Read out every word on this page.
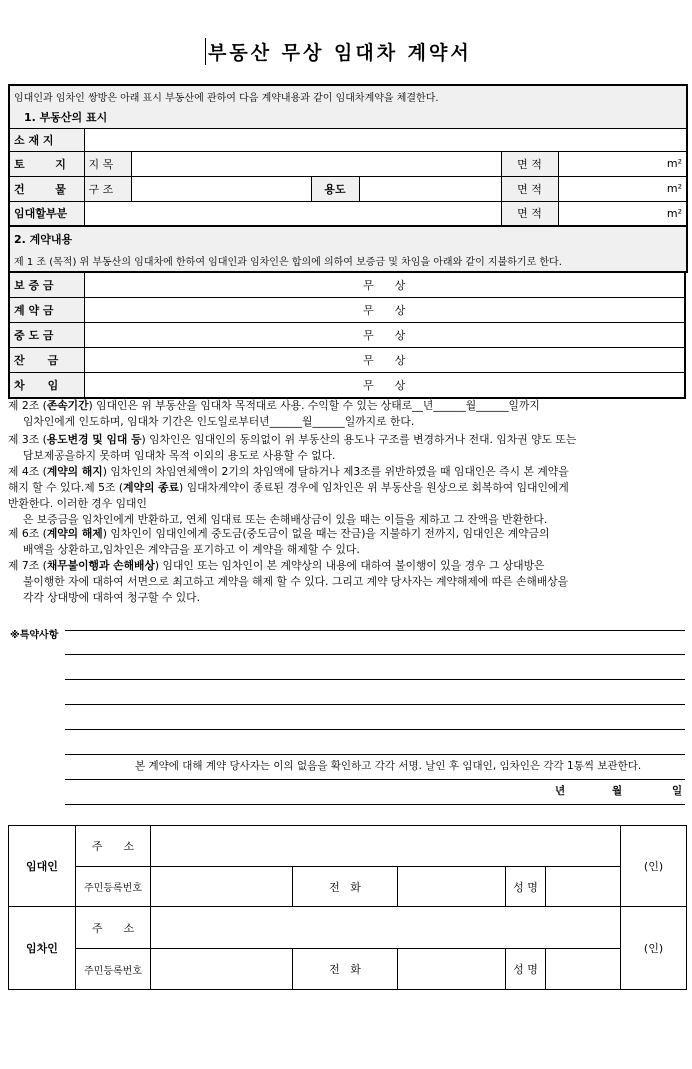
부동산 무상 임대차 계약서
임대인과 임차인 쌍방은 아래 표시 부동산에 관하여 다음 계약내용과 같이 임대차계약을 체결한다.						
1. 부동산의 표시						
소 재 지						
토        지	지 목				면 적	m²
건        물	구 조		용도		면 적	m²
임대할부분					면 적	m²
2. 계약내용						
제 1 조 (목적) 위 부동산의 임대차에 한하여 임대인과 임차인은 합의에 의하여 보증금 및 차임을 아래와 같이 지불하기로 한다.						
보 증 금	무      상
계 약 금	무      상
중 도 금	무      상
잔      금	무      상
차      임	무      상
제 2조 (존속기간) 임대인은 위 부동산을 임대차 목적대로 사용. 수익할 수 있는 상태로__년______월______일까지
임차인에게 인도하며, 임대차 기간은 인도일로부터년______월______일까지로 한다.
제 3조 (용도변경 및 임대 등) 임차인은 임대인의 동의없이 위 부동산의 용도나 구조를 변경하거나 전대. 임차권 양도 또는
담보제공을하지 못하며 임대차 목적 이외의 용도로 사용할 수 없다.
제 4조 (계약의 해지) 임차인의 차임연체액이 2기의 차임액에 달하거나 제3조를 위반하였을 때 임대인은 즉시 본 계약을
해지 할 수 있다.제 5조 (계약의 종료) 임대차계약이 종료된 경우에 임차인은 위 부동산을 원상으로 회복하여 임대인에게
반환한다. 이러한 경우 임대인
은 보증금을 임차인에게 반환하고, 연체 임대료 또는 손해배상금이 있을 때는 이들을 제하고 그 잔액을 반환한다.
제 6조 (계약의 해제) 임차인이 임대인에게 중도금(중도금이 없을 때는 잔금)을 지불하기 전까지, 임대인은 계약금의
배액을 상환하고,임차인은 계약금을 포기하고 이 계약을 해제할 수 있다.
제 7조 (채무불이행과 손해배상) 임대인 또는 임차인이 본 계약상의 내용에 대하여 불이행이 있을 경우 그 상대방은
불이행한 자에 대하여 서면으로 최고하고 계약을 해제 할 수 있다. 그리고 계약 당사자는 계약해제에 따른 손해배상을
각각 상대방에 대하여 청구할 수 있다.
※특약사항
본 계약에 대해 계약 당사자는 이의 없음을 확인하고 각각 서명. 날인 후 임대인, 임차인은 각각 1통씩 보관한다.
년	월	일
임대인	주      소						(인)
	주민등록번호		전   화		성 명		
임차인	주      소						(인)
	주민등록번호		전   화		성 명		
